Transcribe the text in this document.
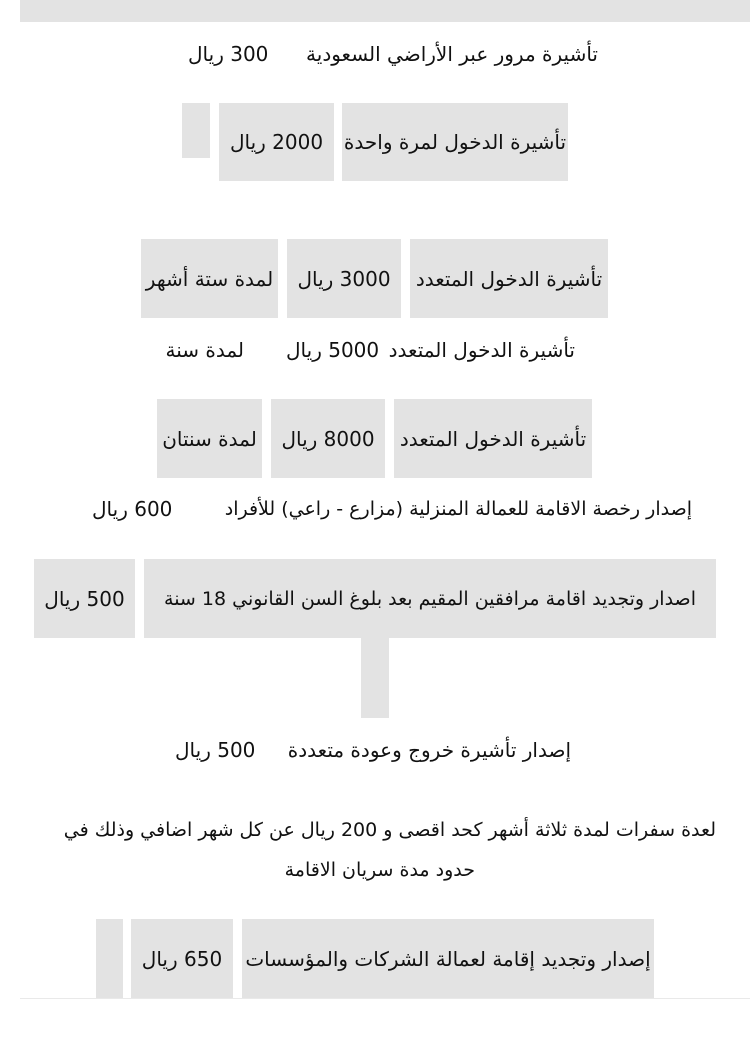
تأشيرة مرور عبر الأراضي السعودية
300 ريال
تأشيرة الدخول لمرة واحدة
2000 ريال
تأشيرة الدخول المتعدد
3000 ريال
لمدة ستة أشهر
تأشيرة الدخول المتعدد
5000 ريال
لمدة سنة
تأشيرة الدخول المتعدد
8000 ريال
لمدة سنتان
إصدار رخصة الاقامة للعمالة المنزلية (مزارع - راعي) للأفراد
600 ريال
اصدار وتجديد اقامة مرافقين المقيم بعد بلوغ السن القانوني 18 سنة
500 ريال
إصدار تأشيرة خروج وعودة متعددة
500 ريال
لعدة سفرات لمدة ثلاثة أشهر كحد اقصى و 200 ريال عن كل شهر اضافي وذلك في
حدود مدة سريان الاقامة
إصدار وتجديد إقامة لعمالة الشركات والمؤسسات
650 ريال
